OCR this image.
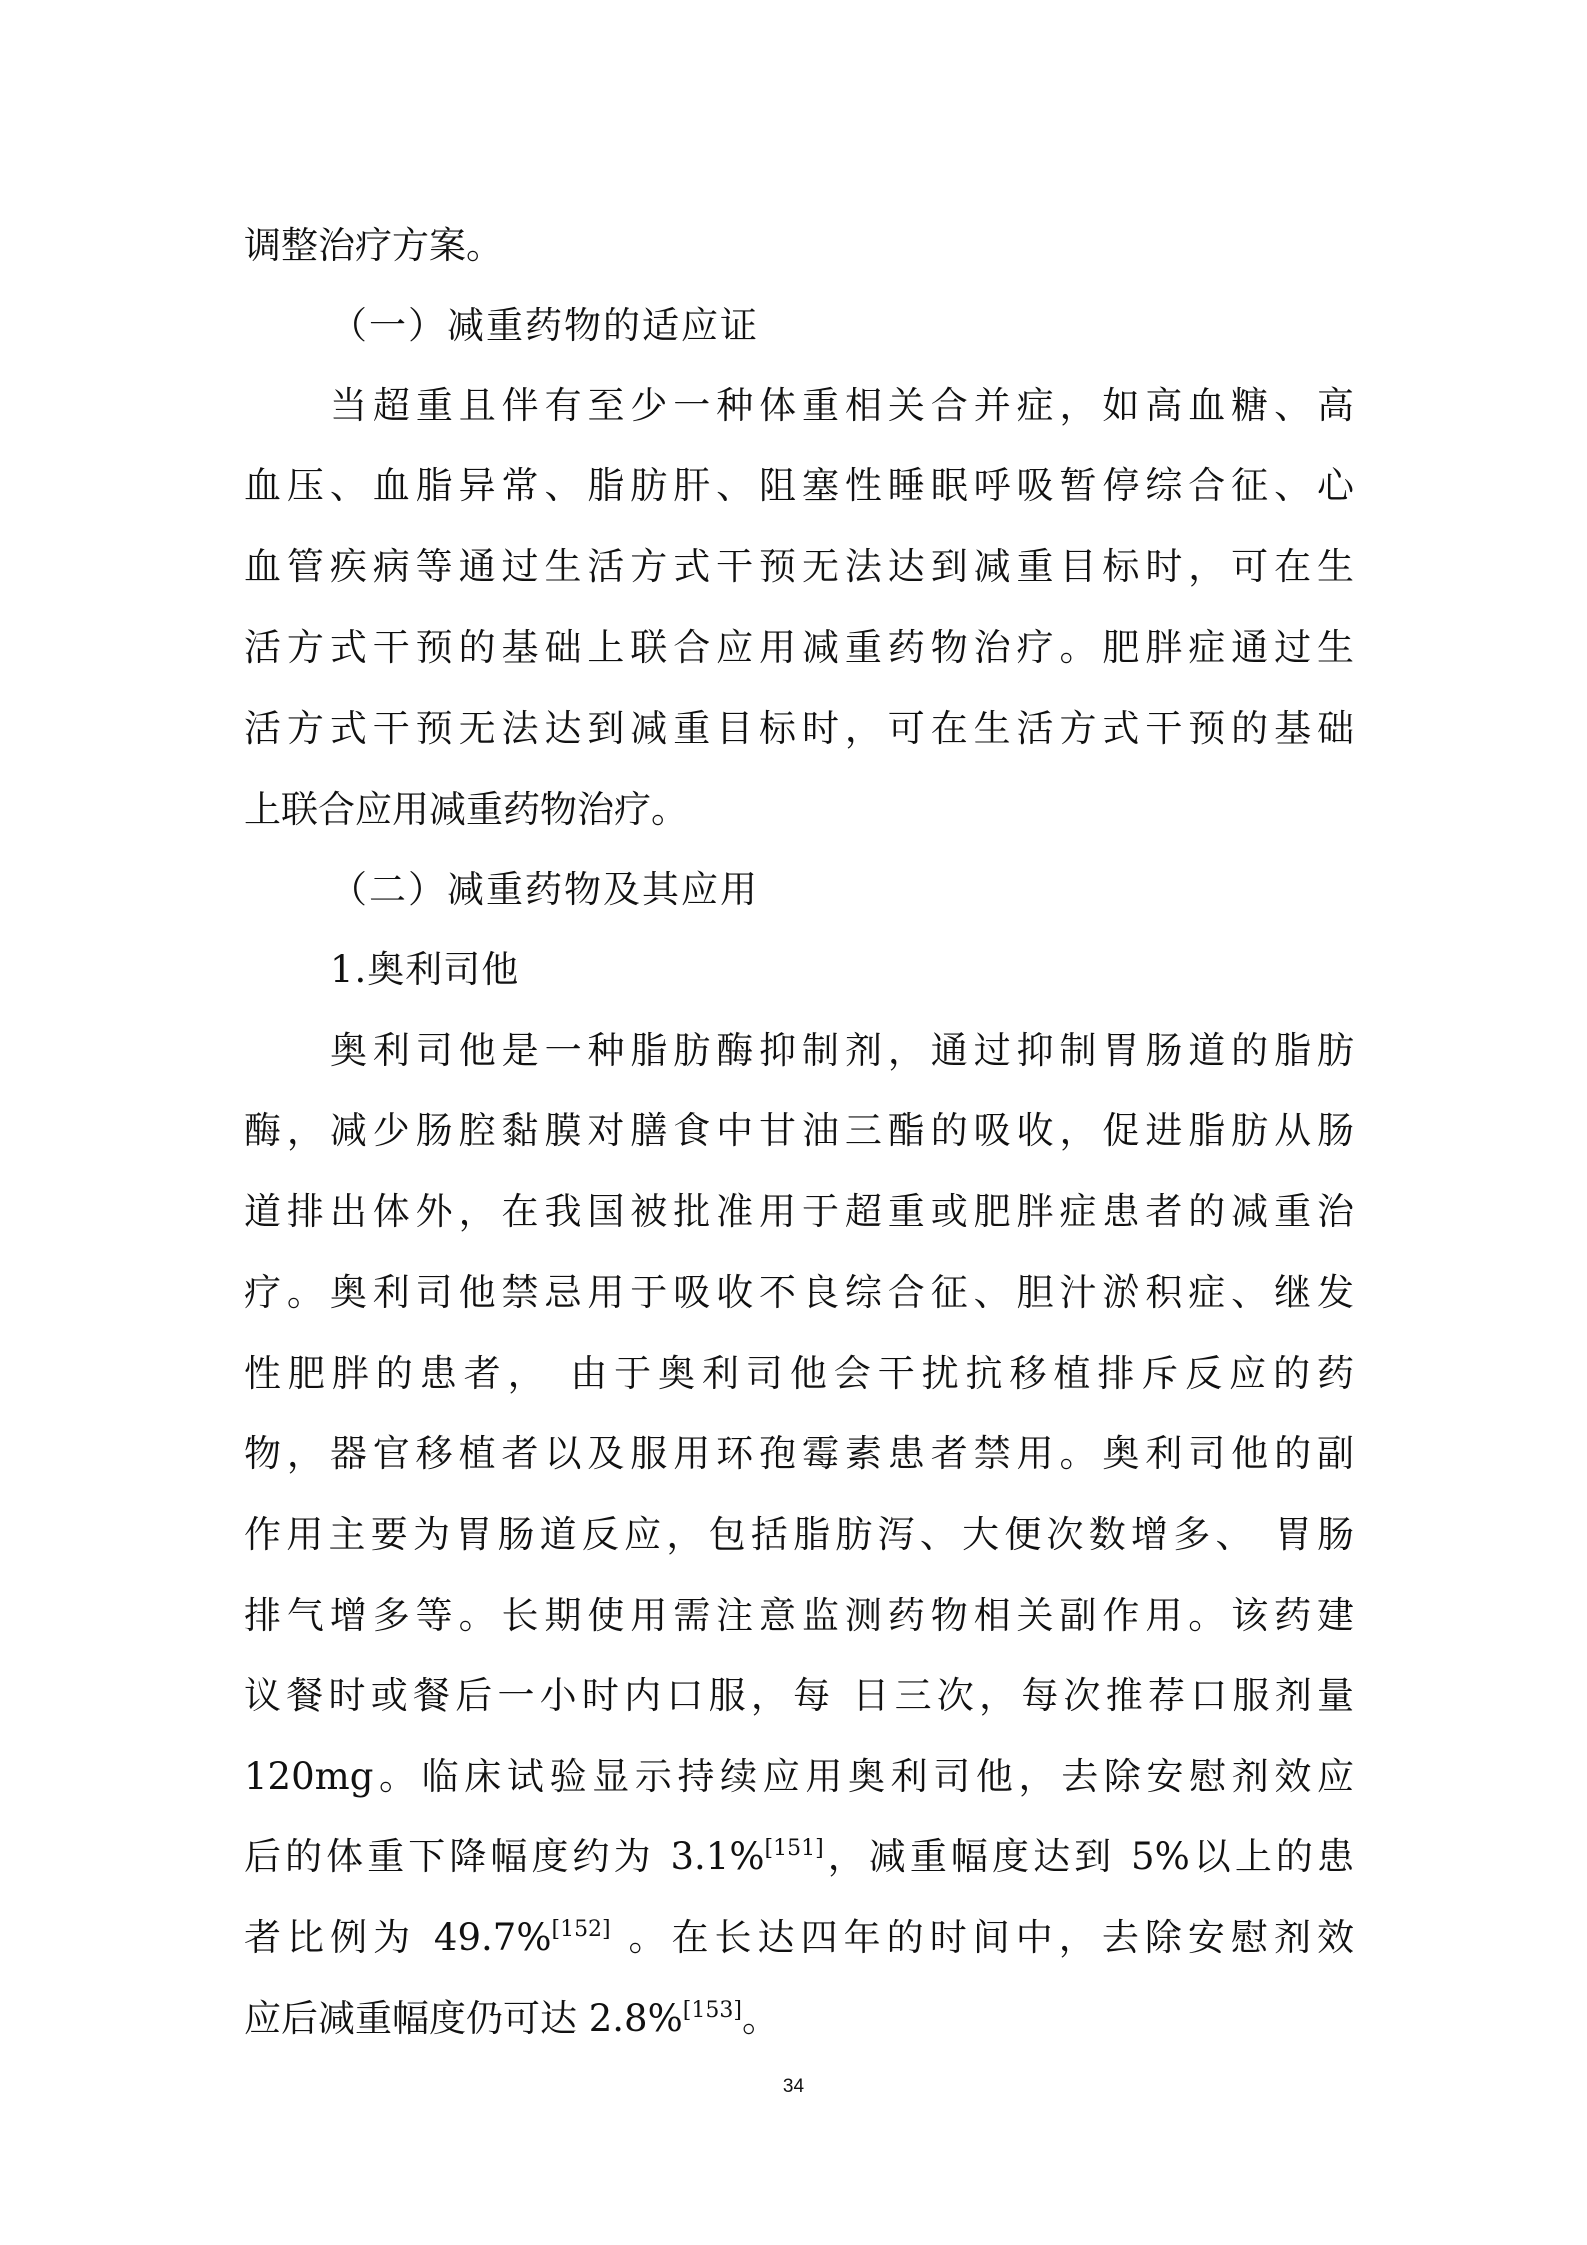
调整治疗方案。
（一）减重药物的适应证
当超重且伴有至少一种体重相关合并症，如高血糖、高
血压、血脂异常、脂肪肝、阻塞性睡眠呼吸暂停综合征、心
血管疾病等通过生活方式干预无法达到减重目标时，可在生
活方式干预的基础上联合应用减重药物治疗。肥胖症通过生
活方式干预无法达到减重目标时，可在生活方式干预的基础
上联合应用减重药物治疗。
（二）减重药物及其应用
1.奥利司他
奥利司他是一种脂肪酶抑制剂，通过抑制胃肠道的脂肪
酶，减少肠腔黏膜对膳食中甘油三酯的吸收，促进脂肪从肠
道排出体外，在我国被批准用于超重或肥胖症患者的减重治
疗。奥利司他禁忌用于吸收不良综合征、胆汁淤积症、继发
性肥胖的患者， 由于奥利司他会干扰抗移植排斥反应的药
物，器官移植者以及服用环孢霉素患者禁用。奥利司他的副
作用主要为胃肠道反应，包括脂肪泻、大便次数增多、 胃肠
排气增多等。长期使用需注意监测药物相关副作用。该药建
议餐时或餐后一小时内口服，每 日三次，每次推荐口服剂量
120mg。临床试验显示持续应用奥利司他，去除安慰剂效应
后的体重下降幅度约为 3.1%[151]，减重幅度达到 5%以上的患
者比例为 49.7%[152] 。在长达四年的时间中，去除安慰剂效
应后减重幅度仍可达 2.8%[153]。
34
